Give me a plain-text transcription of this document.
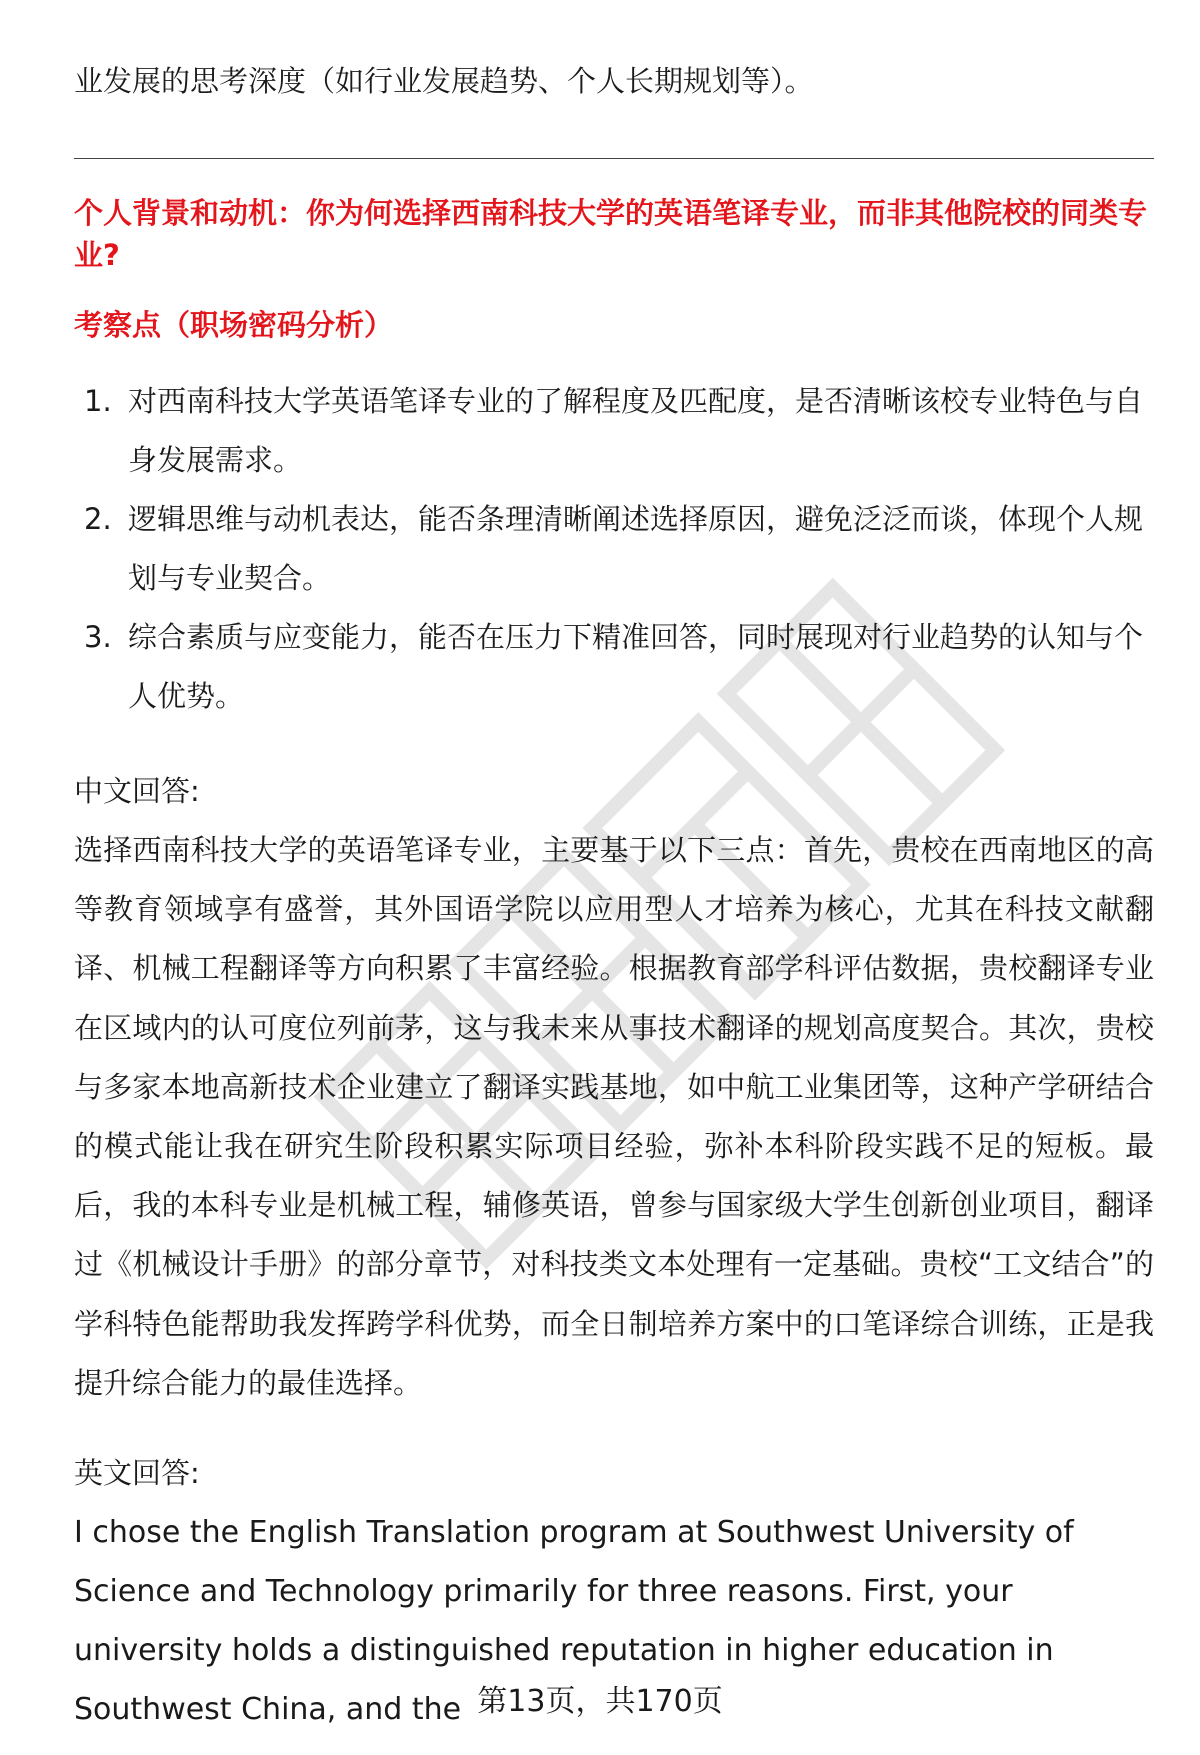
业发展的思考深度（如行业发展趋势、个人长期规划等）。

个人背景和动机：你为何选择西南科技大学的英语笔译专业，而非其他院校的同类专业?

考察点（职场密码分析）

1. 对西南科技大学英语笔译专业的了解程度及匹配度，是否清晰该校专业特色与自身发展需求。
2. 逻辑思维与动机表达，能否条理清晰阐述选择原因，避免泛泛而谈，体现个人规划与专业契合。
3. 综合素质与应变能力，能否在压力下精准回答，同时展现对行业趋势的认知与个人优势。

中文回答:

选择西南科技大学的英语笔译专业，主要基于以下三点：首先，贵校在西南地区的高等教育领域享有盛誉，其外国语学院以应用型人才培养为核心，尤其在科技文献翻译、机械工程翻译等方向积累了丰富经验。根据教育部学科评估数据，贵校翻译专业在区域内的认可度位列前茅，这与我未来从事技术翻译的规划高度契合。其次，贵校与多家本地高新技术企业建立了翻译实践基地，如中航工业集团等，这种产学研结合的模式能让我在研究生阶段积累实际项目经验，弥补本科阶段实践不足的短板。最后，我的本科专业是机械工程，辅修英语，曾参与国家级大学生创新创业项目，翻译过《机械设计手册》的部分章节，对科技类文本处理有一定基础。贵校“工文结合”的学科特色能帮助我发挥跨学科优势，而全日制培养方案中的口笔译综合训练，正是我提升综合能力的最佳选择。

英文回答:

I chose the English Translation program at Southwest University of Science and Technology primarily for three reasons. First, your university holds a distinguished reputation in higher education in Southwest China, and the 第13页，共170页
